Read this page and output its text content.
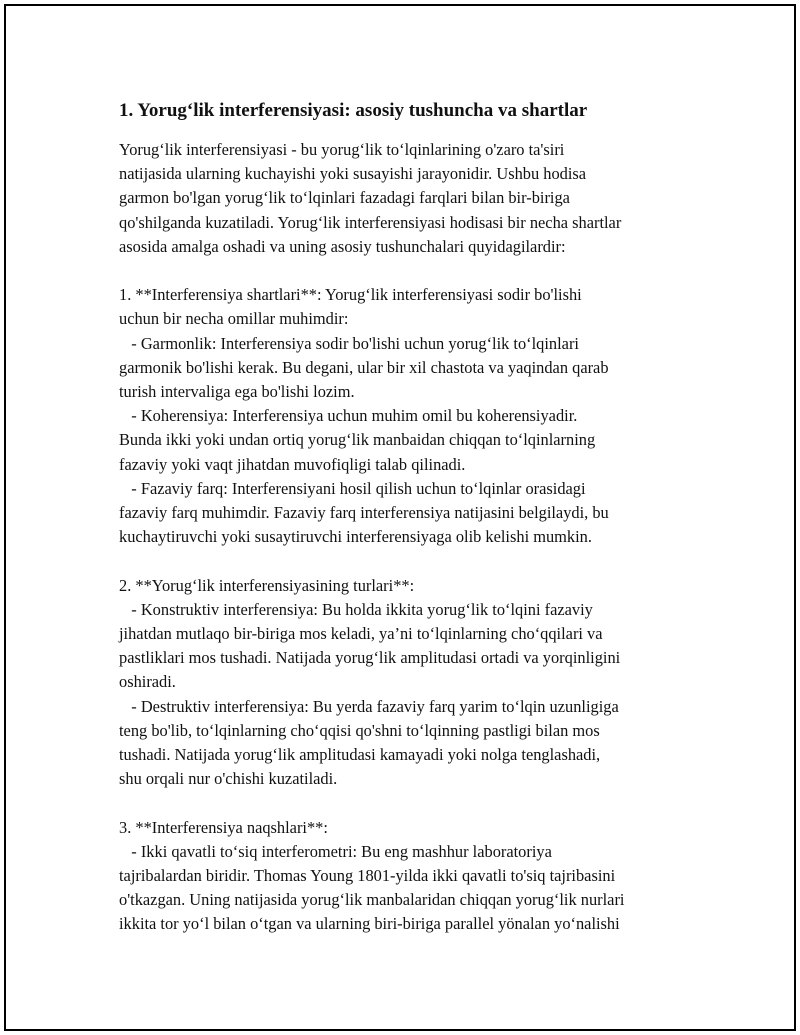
1. Yorug‘lik interferensiyasi: asosiy tushuncha va shartlar
Yorug‘lik interferensiyasi - bu yorug‘lik to‘lqinlarining o'zaro ta'siri
natijasida ularning kuchayishi yoki susayishi jarayonidir. Ushbu hodisa
garmon bo'lgan yorug‘lik to‘lqinlari fazadagi farqlari bilan bir-biriga
qo'shilganda kuzatiladi. Yorug‘lik interferensiyasi hodisasi bir necha shartlar
asosida amalga oshadi va uning asosiy tushunchalari quyidagilardir:
1. **Interferensiya shartlari**: Yorug‘lik interferensiyasi sodir bo'lishi
uchun bir necha omillar muhimdir:
- Garmonlik: Interferensiya sodir bo'lishi uchun yorug‘lik to‘lqinlari
garmonik bo'lishi kerak. Bu degani, ular bir xil chastota va yaqindan qarab
turish intervaliga ega bo'lishi lozim.
- Koherensiya: Interferensiya uchun muhim omil bu koherensiyadir.
Bunda ikki yoki undan ortiq yorug‘lik manbaidan chiqqan to‘lqinlarning
fazaviy yoki vaqt jihatdan muvofiqligi talab qilinadi.
- Fazaviy farq: Interferensiyani hosil qilish uchun to‘lqinlar orasidagi
fazaviy farq muhimdir. Fazaviy farq interferensiya natijasini belgilaydi, bu
kuchaytiruvchi yoki susaytiruvchi interferensiyaga olib kelishi mumkin.
2. **Yorug‘lik interferensiyasining turlari**:
- Konstruktiv interferensiya: Bu holda ikkita yorug‘lik to‘lqini fazaviy
jihatdan mutlaqo bir-biriga mos keladi, ya’ni to‘lqinlarning cho‘qqilari va
pastliklari mos tushadi. Natijada yorug‘lik amplitudasi ortadi va yorqinligini
oshiradi.
- Destruktiv interferensiya: Bu yerda fazaviy farq yarim to‘lqin uzunligiga
teng bo'lib, to‘lqinlarning cho‘qqisi qo'shni to‘lqinning pastligi bilan mos
tushadi. Natijada yorug‘lik amplitudasi kamayadi yoki nolga tenglashadi,
shu orqali nur o'chishi kuzatiladi.
3. **Interferensiya naqshlari**:
- Ikki qavatli to‘siq interferometri: Bu eng mashhur laboratoriya
tajribalardan biridir. Thomas Young 1801-yilda ikki qavatli to'siq tajribasini
o'tkazgan. Uning natijasida yorug‘lik manbalaridan chiqqan yorug‘lik nurlari
ikkita tor yo‘l bilan o‘tgan va ularning biri-biriga parallel yönalan yo‘nalishi
